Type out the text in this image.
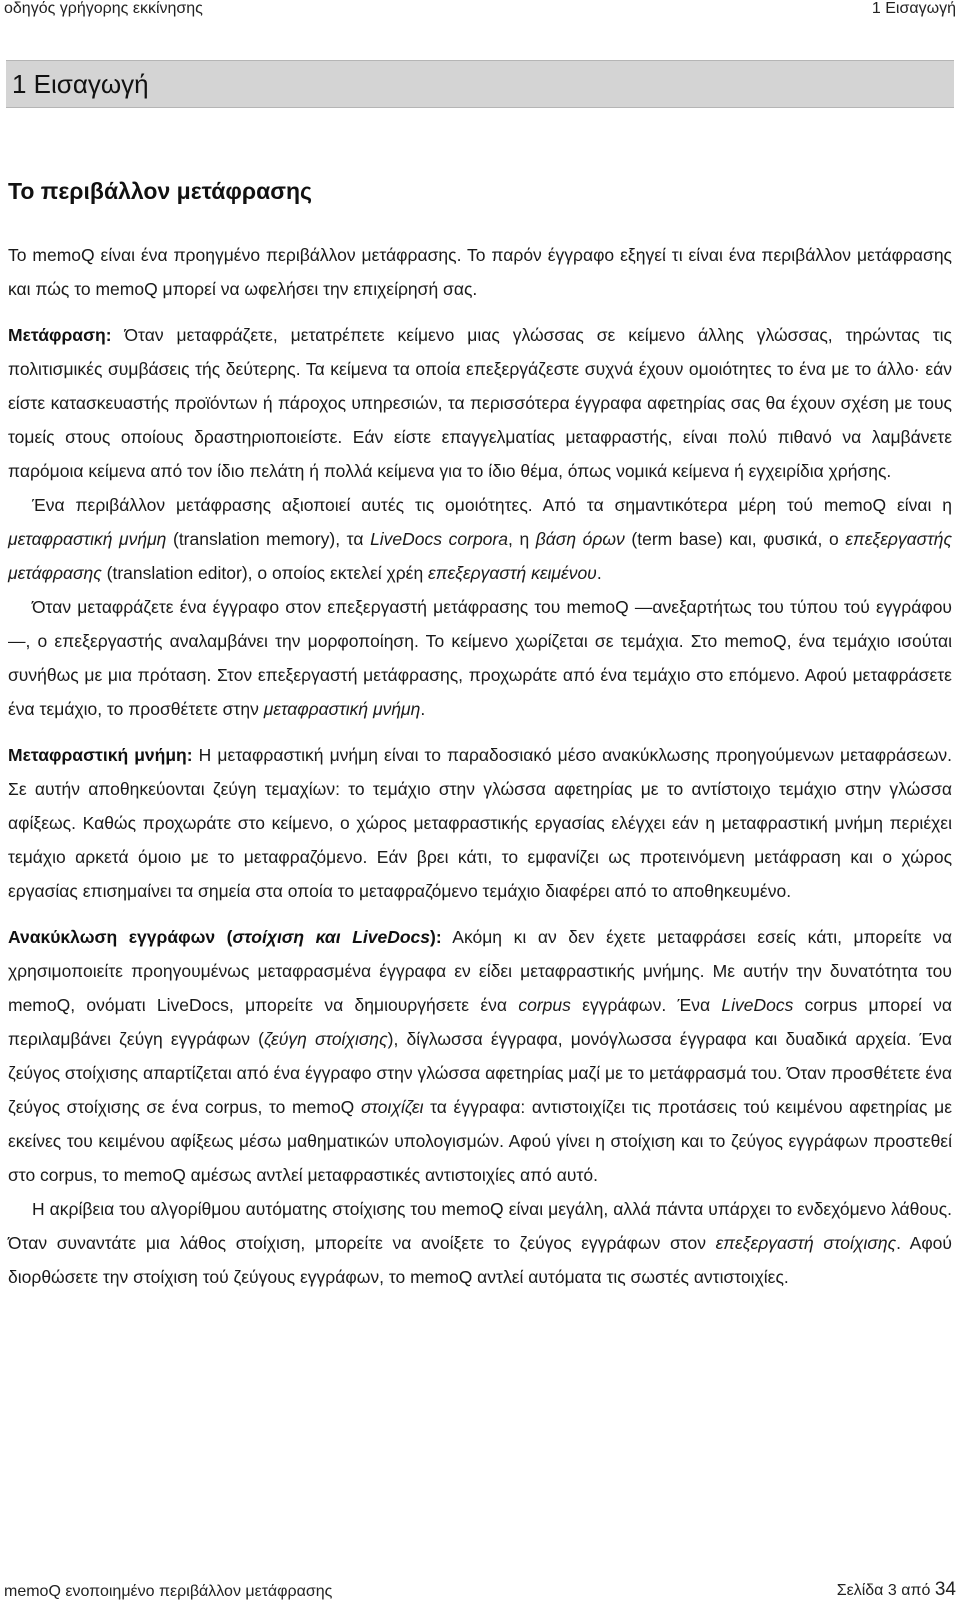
οδηγός γρήγορης εκκίνησης	1 Εισαγωγή
1 Εισαγωγή
Το περιβάλλον μετάφρασης

Το memoQ είναι ένα προηγμένο περιβάλλον μετάφρασης. Το παρόν έγγραφο εξηγεί τι είναι ένα περιβάλλον μετάφρασης και πώς το memoQ μπορεί να ωφελήσει την επιχείρησή σας.

Μετάφραση: Όταν μεταφράζετε, μετατρέπετε κείμενο μιας γλώσσας σε κείμενο άλλης γλώσσας, τηρώντας τις πολιτισμικές συμβάσεις τής δεύτερης. Τα κείμενα τα οποία επεξεργάζεστε συχνά έχουν ομοιότητες το ένα με το άλλο· εάν είστε κατασκευαστής προϊόντων ή πάροχος υπηρεσιών, τα περισσότερα έγγραφα αφετηρίας σας θα έχουν σχέση με τους τομείς στους οποίους δραστηριοποιείστε. Εάν είστε επαγγελματίας μεταφραστής, είναι πολύ πιθανό να λαμβάνετε παρόμοια κείμενα από τον ίδιο πελάτη ή πολλά κείμενα για το ίδιο θέμα, όπως νομικά κείμενα ή εγχειρίδια χρήσης.

Ένα περιβάλλον μετάφρασης αξιοποιεί αυτές τις ομοιότητες. Από τα σημαντικότερα μέρη τού memoQ είναι η μεταφραστική μνήμη (translation memory), τα LiveDocs corpora, η βάση όρων (term base) και, φυσικά, ο επεξεργαστής μετάφρασης (translation editor), ο οποίος εκτελεί χρέη επεξεργαστή κειμένου.

Όταν μεταφράζετε ένα έγγραφο στον επεξεργαστή μετάφρασης του memoQ —ανεξαρτήτως του τύπου τού εγγράφου—, ο επεξεργαστής αναλαμβάνει την μορφοποίηση. Το κείμενο χωρίζεται σε τεμάχια. Στο memoQ, ένα τεμάχιο ισούται συνήθως με μια πρόταση. Στον επεξεργαστή μετάφρασης, προχωράτε από ένα τεμάχιο στο επόμενο. Αφού μεταφράσετε ένα τεμάχιο, το προσθέτετε στην μεταφραστική μνήμη.

Μεταφραστική μνήμη: Η μεταφραστική μνήμη είναι το παραδοσιακό μέσο ανακύκλωσης προηγούμενων μεταφράσεων. Σε αυτήν αποθηκεύονται ζεύγη τεμαχίων: το τεμάχιο στην γλώσσα αφετηρίας με το αντίστοιχο τεμάχιο στην γλώσσα αφίξεως. Καθώς προχωράτε στο κείμενο, ο χώρος μεταφραστικής εργασίας ελέγχει εάν η μεταφραστική μνήμη περιέχει τεμάχιο αρκετά όμοιο με το μεταφραζόμενο. Εάν βρει κάτι, το εμφανίζει ως προτεινόμενη μετάφραση και ο χώρος εργασίας επισημαίνει τα σημεία στα οποία το μεταφραζόμενο τεμάχιο διαφέρει από το αποθηκευμένο.

Ανακύκλωση εγγράφων (στοίχιση και LiveDocs): Ακόμη κι αν δεν έχετε μεταφράσει εσείς κάτι, μπορείτε να χρησιμοποιείτε προηγουμένως μεταφρασμένα έγγραφα εν είδει μεταφραστικής μνήμης. Με αυτήν την δυνατότητα του memoQ, ονόματι LiveDocs, μπορείτε να δημιουργήσετε ένα corpus εγγράφων. Ένα LiveDocs corpus μπορεί να περιλαμβάνει ζεύγη εγγράφων (ζεύγη στοίχισης), δίγλωσσα έγγραφα, μονόγλωσσα έγγραφα και δυαδικά αρχεία. Ένα ζεύγος στοίχισης απαρτίζεται από ένα έγγραφο στην γλώσσα αφετηρίας μαζί με το μετάφρασμά του. Όταν προσθέτετε ένα ζεύγος στοίχισης σε ένα corpus, το memoQ στοιχίζει τα έγγραφα: αντιστοιχίζει τις προτάσεις τού κειμένου αφετηρίας με εκείνες του κειμένου αφίξεως μέσω μαθηματικών υπολογισμών. Αφού γίνει η στοίχιση και το ζεύγος εγγράφων προστεθεί στο corpus, το memoQ αμέσως αντλεί μεταφραστικές αντιστοιχίες από αυτό.

Η ακρίβεια του αλγορίθμου αυτόματης στοίχισης του memoQ είναι μεγάλη, αλλά πάντα υπάρχει το ενδεχόμενο λάθους. Όταν συναντάτε μια λάθος στοίχιση, μπορείτε να ανοίξετε το ζεύγος εγγράφων στον επεξεργαστή στοίχισης. Αφού διορθώσετε την στοίχιση τού ζεύγους εγγράφων, το memoQ αντλεί αυτόματα τις σωστές αντιστοιχίες.

memoQ ενοποιημένο περιβάλλον μετάφρασης	Σελίδα 3 από 34
